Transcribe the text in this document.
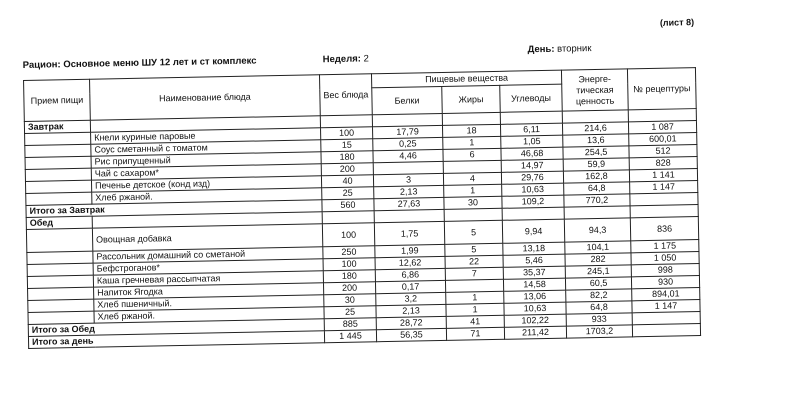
(лист 8)
Рацион: Основное меню ШУ 12 лет и ст комплекс	Неделя: 2
День: вторник
Прием пищи	Наименование блюда	Вес блюда	Пищевые вещества			Энерге-тическая ценность	№ рецептуры
			Белки	Жиры	Углеводы		
Завтрак							
	Кнели куриные паровые	100	17,79	18	6,11	214,6	1 087
	Соус сметанный с томатом	15	0,25	1	1,05	13,6	600,01
	Рис припущенный	180	4,46	6	46,68	254,5	512
	Чай с сахаром*	200			14,97	59,9	828
	Печенье детское (конд изд)	40	3	4	29,76	162,8	1 141
	Хлеб ржаной.	25	2,13	1	10,63	64,8	1 147
Итого за Завтрак		560	27,63	30	109,2	770,2	
Обед							
	Овощная добавка	100	1,75	5	9,94	94,3	836
	Рассольник домашний со сметаной	250	1,99	5	13,18	104,1	1 175
	Бефстроганов*	100	12,62	22	5,46	282	1 050
	Каша гречневая рассыпчатая	180	6,86	7	35,37	245,1	998
	Напиток Ягодка	200	0,17		14,58	60,5	930
	Хлеб пшеничный.	30	3,2	1	13,06	82,2	894,01
	Хлеб ржаной.	25	2,13	1	10,63	64,8	1 147
Итого за Обед		885	28,72	41	102,22	933	
Итого за день		1 445	56,35	71	211,42	1703,2	
